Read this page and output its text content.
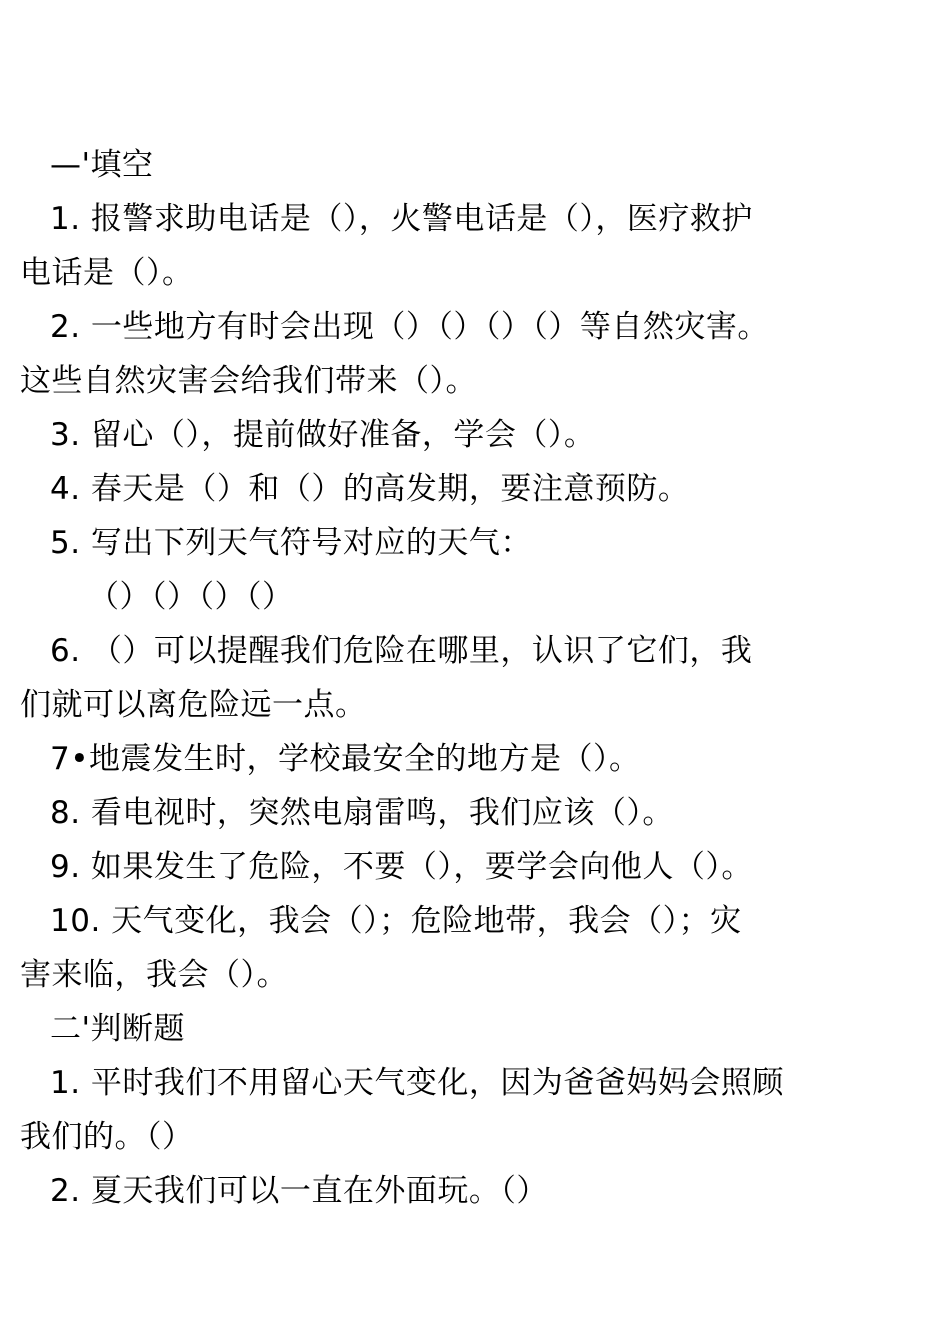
—'填空
1. 报警求助电话是（），火警电话是（），医疗救护
电话是（）。
2. 一些地方有时会出现（）（）（）（）等自然灾害。
这些自然灾害会给我们带来（）。
3. 留心（），提前做好准备，学会（）。
4. 春天是（）和（）的高发期，要注意预防。
5. 写出下列天气符号对应的天气：
（）（）（）（）
6. （）可以提醒我们危险在哪里，认识了它们，我
们就可以离危险远一点。
7•地震发生时，学校最安全的地方是（）。
8. 看电视时，突然电扇雷鸣，我们应该（）。
9. 如果发生了危险，不要（），要学会向他人（）。
10. 天气变化，我会（）；危险地带，我会（）；灾
害来临，我会（）。
二'判断题
1. 平时我们不用留心天气变化，因为爸爸妈妈会照顾
我们的。（）
2. 夏天我们可以一直在外面玩。（）
